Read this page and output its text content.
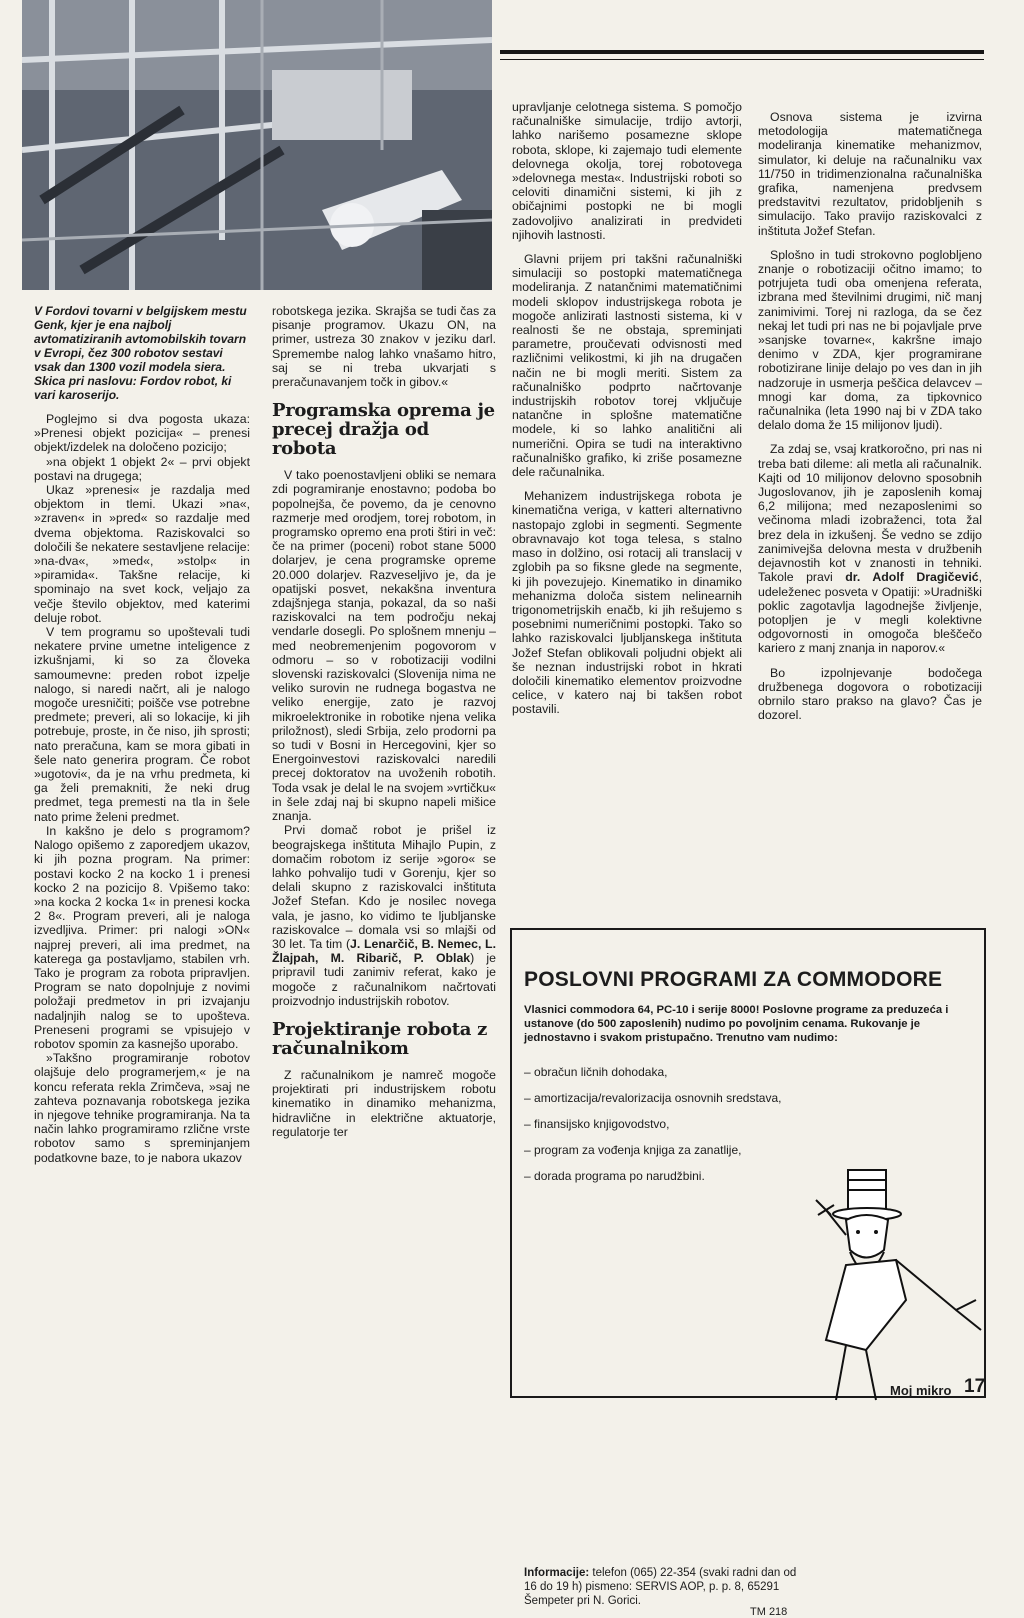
V Fordovi tovarni v belgijskem mestu Genk, kjer je ena najbolj avtomatiziranih avtomobilskih tovarn v Evropi, čez 300 robotov sestavi vsak dan 1300 vozil modela siera. Skica pri naslovu: Fordov robot, ki vari karoserijo.

Poglejmo si dva pogosta ukaza: »Prenesi objekt pozicija« – prenesi objekt/izdelek na določeno pozicijo;

»na objekt 1 objekt 2« – prvi objekt postavi na drugega;

Ukaz »prenesi« je razdalja med objektom in tlemi. Ukazi »na«, »zraven« in »pred« so razdalje med dvema objektoma. Raziskovalci so določili še nekatere sestavljene relacije: »na-dva«, »med«, »stolp« in »piramida«. Takšne relacije, ki spominajo na svet kock, veljajo za večje število objektov, med katerimi deluje robot.

V tem programu so upoštevali tudi nekatere prvine umetne inteligence z izkušnjami, ki so za človeka samoumevne: preden robot izpelje nalogo, si naredi načrt, ali je nalogo mogoče uresničiti; poišče vse potrebne predmete; preveri, ali so lokacije, ki jih potrebuje, proste, in če niso, jih sprosti; nato preračuna, kam se mora gibati in šele nato generira program. Če robot »ugotovi«, da je na vrhu predmeta, ki ga želi premakniti, že neki drug predmet, tega premesti na tla in šele nato prime želeni predmet.

In kakšno je delo s programom? Nalogo opišemo z zaporedjem ukazov, ki jih pozna program. Na primer: postavi kocko 2 na kocko 1 i prenesi kocko 2 na pozicijo 8. Vpišemo tako: »na kocka 2 kocka 1« in prenesi kocka 2 8«. Program preveri, ali je naloga izvedljiva. Primer: pri nalogi »ON« najprej preveri, ali ima predmet, na katerega ga postavljamo, stabilen vrh. Tako je program za robota pripravljen. Program se nato dopolnjuje z novimi položaji predmetov in pri izvajanju nadaljnjih nalog se to upošteva. Preneseni programi se vpisujejo v robotov spomin za kasnejšo uporabo.

»Takšno programiranje robotov olajšuje delo programerjem,« je na koncu referata rekla Zrimčeva, »saj ne zahteva poznavanja robotskega jezika in njegove tehnike programiranja. Na ta način lahko programiramo rzlične vrste robotov samo s spreminjanjem podatkovne baze, to je nabora ukazov

robotskega jezika. Skrajša se tudi čas za pisanje programov. Ukazu ON, na primer, ustreza 30 znakov v jeziku darl. Spremembe nalog lahko vnašamo hitro, saj se ni treba ukvarjati s preračunavanjem točk in gibov.«

Programska oprema je precej dražja od robota

V tako poenostavljeni obliki se nemara zdi pogramiranje enostavno; podoba bo popolnejša, če povemo, da je cenovno razmerje med orodjem, torej robotom, in programsko opremo ena proti štiri in več: če na primer (poceni) robot stane 5000 dolarjev, je cena programske opreme 20.000 dolarjev. Razveseljivo je, da je opatijski posvet, nekakšna inventura zdajšnjega stanja, pokazal, da so naši raziskovalci na tem področju nekaj vendarle dosegli. Po splošnem mnenju – med neobremenjenim pogovorom v odmoru – so v robotizaciji vodilni slovenski raziskovalci (Slovenija nima ne veliko surovin ne rudnega bogastva ne veliko energije, zato je razvoj mikroelektronike in robotike njena velika priložnost), sledi Srbija, zelo prodorni pa so tudi v Bosni in Hercegovini, kjer so Energoinvestovi raziskovalci naredili precej doktoratov na uvoženih robotih. Toda vsak je delal le na svojem »vrtičku« in šele zdaj naj bi skupno napeli mišice znanja.

Prvi domač robot je prišel iz beograjskega inštituta Mihajlo Pupin, z domačim robotom iz serije »goro« se lahko pohvalijo tudi v Gorenju, kjer so delali skupno z raziskovalci inštituta Jožef Stefan. Kdo je nosilec novega vala, je jasno, ko vidimo te ljubljanske raziskovalce – domala vsi so mlajši od 30 let. Ta tim (J. Lenarčič, B. Nemec, L. Žlajpah, M. Ribarič, P. Oblak) je pripravil tudi zanimiv referat, kako je mogoče z računalnikom načrtovati proizvodnjo industrijskih robotov.

Projektiranje robota z računalnikom

Z računalnikom je namreč mogoče projektirati pri industrijskem robotu kinematiko in dinamiko mehanizma, hidravlične in električne aktuatorje, regulatorje ter

upravljanje celotnega sistema. S pomočjo računalniške simulacije, trdijo avtorji, lahko narišemo posamezne sklope robota, sklope, ki zajemajo tudi elemente delovnega okolja, torej robotovega »delovnega mesta«. Industrijski roboti so celoviti dinamični sistemi, ki jih z običajnimi postopki ne bi mogli zadovoljivo analizirati in predvideti njihovih lastnosti.

Glavni prijem pri takšni računalniški simulaciji so postopki matematičnega modeliranja. Z natančnimi matematičnimi modeli sklopov industrijskega robota je mogoče anlizirati lastnosti sistema, ki v realnosti še ne obstaja, spreminjati parametre, proučevati odvisnosti med različnimi velikostmi, ki jih na drugačen način ne bi mogli meriti. Sistem za računalniško podprto načrtovanje industrijskih robotov torej vključuje natančne in splošne matematične modele, ki so lahko analitični ali numerični. Opira se tudi na interaktivno računalniško grafiko, ki zriše posamezne dele računalnika.

Mehanizem industrijskega robota je kinematična veriga, v katteri alternativno nastopajo zglobi in segmenti. Segmente obravnavajo kot toga telesa, s stalno maso in dolžino, osi rotacij ali translacij v zglobih pa so fiksne glede na segmente, ki jih povezujejo. Kinematiko in dinamiko mehanizma določa sistem nelinearnih trigonometrijskih enačb, ki jih rešujemo s posebnimi numeričnimi postopki. Tako so lahko raziskovalci ljubljanskega inštituta Jožef Stefan oblikovali poljudni objekt ali še neznan industrijski robot in hkrati določili kinematiko elementov proizvodne celice, v katero naj bi takšen robot postavili.

Osnova sistema je izvirna metodologija matematičnega modeliranja kinematike mehanizmov, simulator, ki deluje na računalniku vax 11/750 in tridimenzionalna računalniška grafika, namenjena predvsem predstavitvi rezultatov, pridobljenih s simulacijo. Tako pravijo raziskovalci z inštituta Jožef Stefan.

Splošno in tudi strokovno poglobljeno znanje o robotizaciji očitno imamo; to potrjujeta tudi oba omenjena referata, izbrana med številnimi drugimi, nič manj zanimivimi. Torej ni razloga, da se čez nekaj let tudi pri nas ne bi pojavljale prve »sanjske tovarne«, kakršne imajo denimo v ZDA, kjer programirane robotizirane linije delajo po ves dan in jih nadzoruje in usmerja peščica delavcev – mnogi kar doma, za tipkovnico računalnika (leta 1990 naj bi v ZDA tako delalo doma že 15 milijonov ljudi).

Za zdaj se, vsaj kratkoročno, pri nas ni treba bati dileme: ali metla ali računalnik. Kajti od 10 milijonov delovno sposobnih Jugoslovanov, jih je zaposlenih komaj 6,2 milijona; med nezaposlenimi so večinoma mladi izobraženci, tota žal brez dela in izkušenj. Še vedno se zdijo zanimivejša delovna mesta v družbenih dejavnostih kot v znanosti in tehniki. Takole pravi dr. Adolf Dragičević, udeleženec posveta v Opatiji: »Uradniški poklic zagotavlja lagodnejše življenje, potopljen je v megli kolektivne odgovornosti in omogoča bleščečo kariero z manj znanja in naporov.«

Bo izpolnjevanje bodočega družbenega dogovora o robotizaciji obrnilo staro prakso na glavo? Čas je dozorel.

POSLOVNI PROGRAMI ZA COMMODORE
Vlasnici commodora 64, PC-10 i serije 8000! Poslovne programe za preduzeća i ustanove (do 500 zaposlenih) nudimo po povoljnim cenama. Rukovanje je jednostavno i svakom pristupačno. Trenutno vam nudimo:
– obračun ličnih dohodaka,
– amortizacija/revalorizacija osnovnih sredstava,
– finansijsko knjigovodstvo,
– program za vođenja knjiga za zanatlije,
– dorada programa po narudžbini.
Informacije: telefon (065) 22-354 (svaki radni dan od 16 do 19 h) pismeno: SERVIS AOP, p. p. 8, 65291 Šempeter pri N. Gorici.
TM 218
Moj mikro 17
